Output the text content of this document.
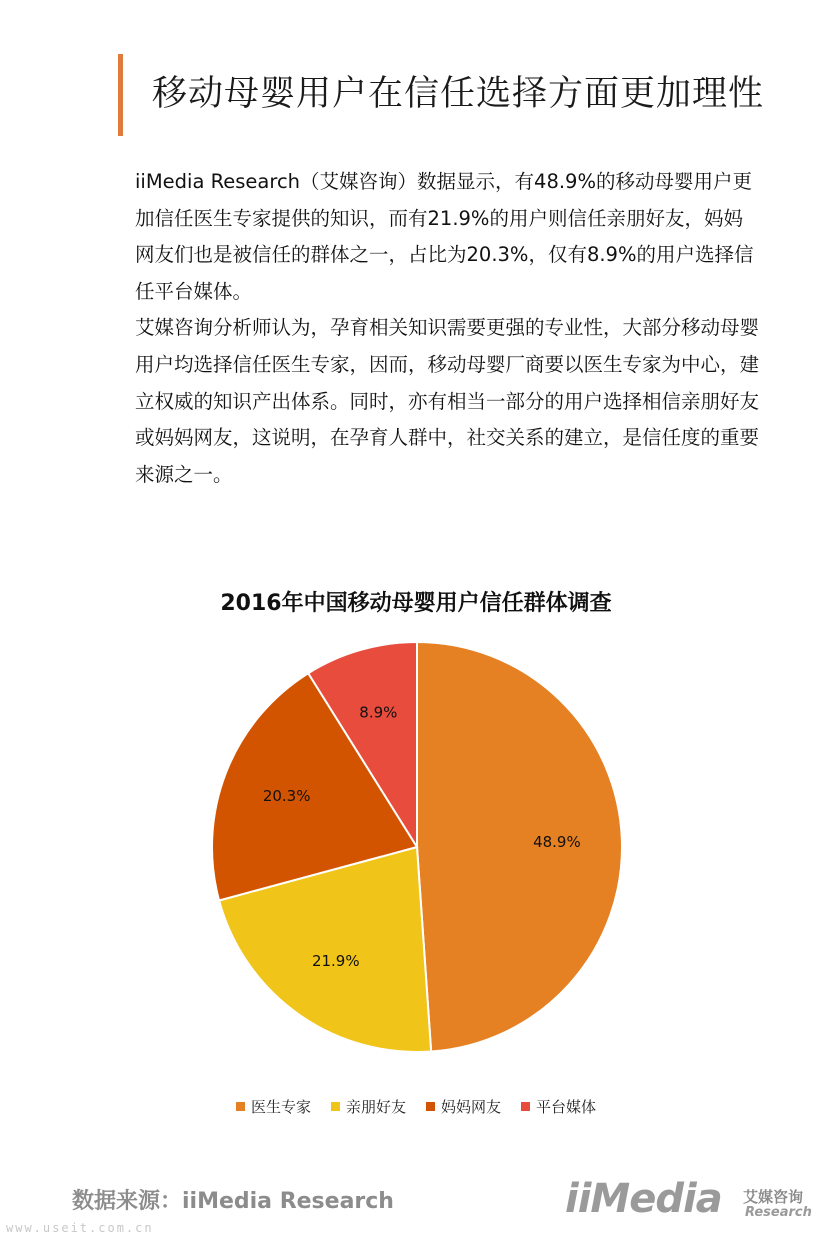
移动母婴用户在信任选择方面更加理性

iiMedia Research（艾媒咨询）数据显示，有48.9%的移动母婴用户更加信任医生专家提供的知识，而有21.9%的用户则信任亲朋好友，妈妈网友们也是被信任的群体之一，占比为20.3%，仅有8.9%的用户选择信任平台媒体。

艾媒咨询分析师认为，孕育相关知识需要更强的专业性，大部分移动母婴用户均选择信任医生专家，因而，移动母婴厂商要以医生专家为中心，建立权威的知识产出体系。同时，亦有相当一部分的用户选择相信亲朋好友或妈妈网友，这说明，在孕育人群中，社交关系的建立，是信任度的重要来源之一。

2016年中国移动母婴用户信任群体调查
48.9%
21.9%
20.3%
8.9%
医生专家 亲朋好友 妈妈网友 平台媒体
数据来源：iiMedia Research
www.useit.com.cn
iiMedia 艾媒咨询
Research
